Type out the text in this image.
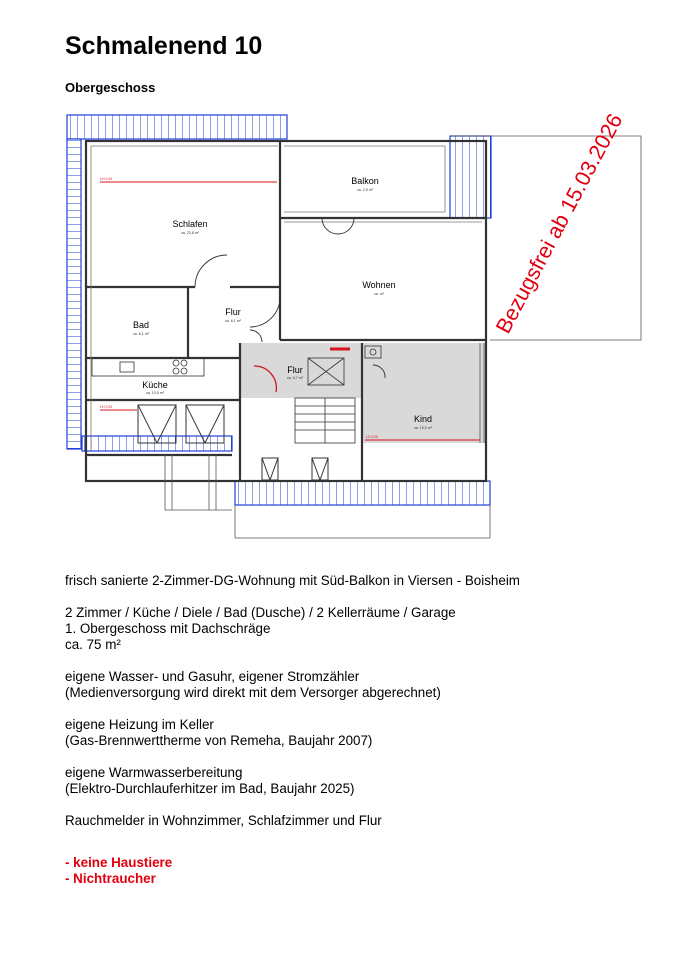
Schmalenend 10
Obergeschoss
LH 2,00
LH 2,00
LH 2,00
Balkon
Schlafen
Wohnen
Flur
Bad
Küche
Flur
Kind
ca. 2,9 m²
ca. 22,8 m²
ca. m²
ca. 6,1 m²
ca. 6,1 m²
ca. 10,5 m²
ca. 5,7 m²
ca. 15,0 m²
Bezugsfrei ab 15.03.2026
frisch sanierte 2-Zimmer-DG-Wohnung mit Süd-Balkon in Viersen - Boisheim
2 Zimmer / Küche / Diele / Bad (Dusche) / 2 Kellerräume / Garage
1. Obergeschoss mit Dachschräge
ca. 75 m²
eigene Wasser- und Gasuhr, eigener Stromzähler
(Medienversorgung wird direkt mit dem Versorger abgerechnet)
eigene Heizung im Keller
(Gas-Brennwerttherme von Remeha, Baujahr 2007)
eigene Warmwasserbereitung
(Elektro-Durchlauferhitzer im Bad, Baujahr 2025)
Rauchmelder in Wohnzimmer, Schlafzimmer und Flur
- keine Haustiere
- Nichtraucher
